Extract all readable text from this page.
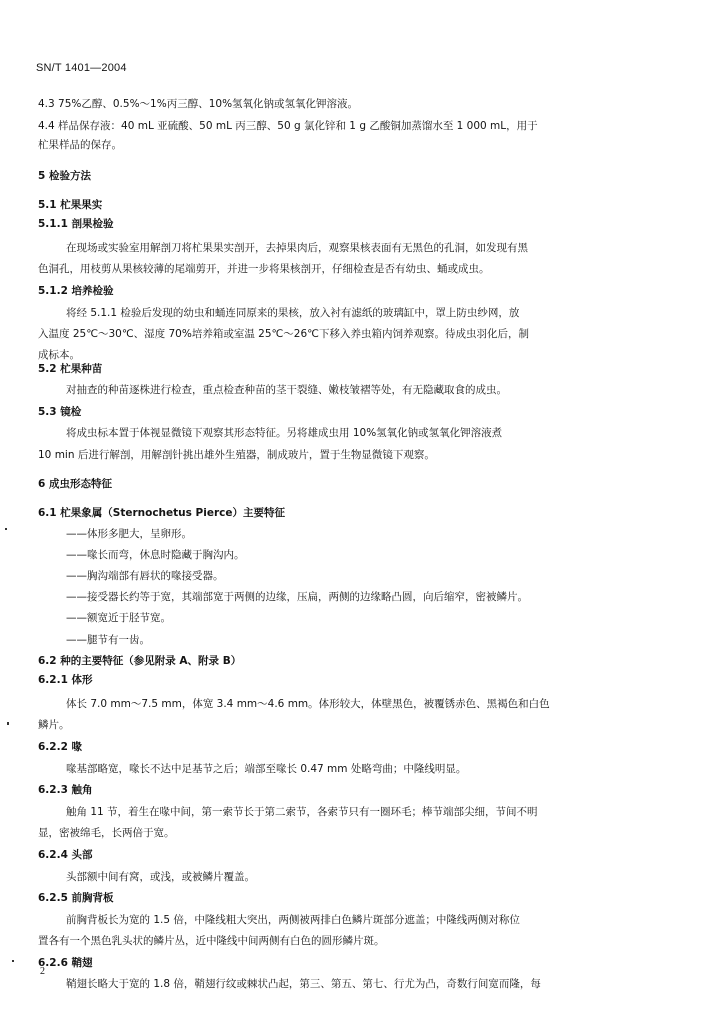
SN/T 1401—2004
4.3 75%乙醇、0.5%～1%丙三醇、10%氢氧化钠或氢氧化钾溶液。
4.4 样品保存液：40 mL 亚硫酸、50 mL 丙三醇、50 g 氯化锌和 1 g 乙酸铜加蒸馏水至 1 000 mL，用于
杧果样品的保存。
5 检验方法
5.1 杧果果实
5.1.1 剖果检验
在现场或实验室用解剖刀将杧果果实剖开，去掉果肉后，观察果核表面有无黑色的孔洞，如发现有黑
色洞孔，用枝剪从果核较薄的尾端剪开，并进一步将果核剖开，仔细检查是否有幼虫、蛹或成虫。
5.1.2 培养检验
将经 5.1.1 检验后发现的幼虫和蛹连同原来的果核，放入衬有滤纸的玻璃缸中，罩上防虫纱网，放
入温度 25℃～30℃、湿度 70%培养箱或室温 25℃～26℃下移入养虫箱内饲养观察。待成虫羽化后，制
成标本。
5.2 杧果种苗
对抽查的种苗逐株进行检查，重点检查种苗的茎干裂缝、嫩枝皱褶等处，有无隐藏取食的成虫。
5.3 镜检
将成虫标本置于体视显微镜下观察其形态特征。另将雄成虫用 10%氢氧化钠或氢氧化钾溶液煮
10 min 后进行解剖，用解剖针挑出雄外生殖器，制成玻片，置于生物显微镜下观察。
6 成虫形态特征
6.1 杧果象属（Sternochetus Pierce）主要特征
——体形多肥大，呈卵形。
——喙长而弯，休息时隐藏于胸沟内。
——胸沟端部有唇状的喙接受器。
——接受器长约等于宽，其端部宽于两侧的边缘，压扁，两侧的边缘略凸圆，向后缩窄，密被鳞片。
——额宽近于胫节宽。
——腿节有一齿。
6.2 种的主要特征（参见附录 A、附录 B）
6.2.1 体形
体长 7.0 mm～7.5 mm，体宽 3.4 mm～4.6 mm。体形较大，体壁黑色，被覆锈赤色、黑褐色和白色
鳞片。
6.2.2 喙
喙基部略宽，喙长不达中足基节之后；端部至喙长 0.47 mm 处略弯曲；中隆线明显。
6.2.3 触角
触角 11 节，着生在喙中间，第一索节长于第二索节，各索节只有一圈环毛；棒节端部尖细，节间不明
显，密被绵毛，长两倍于宽。
6.2.4 头部
头部额中间有窝，或浅，或被鳞片覆盖。
6.2.5 前胸背板
前胸背板长为宽的 1.5 倍，中隆线粗大突出，两侧被两排白色鳞片斑部分遮盖；中隆线两侧对称位
置各有一个黑色乳头状的鳞片丛，近中隆线中间两侧有白色的圆形鳞片斑。
6.2.6 鞘翅
鞘翅长略大于宽的 1.8 倍，鞘翅行纹或棘状凸起，第三、第五、第七、行尤为凸，奇数行间宽而隆，每
2
